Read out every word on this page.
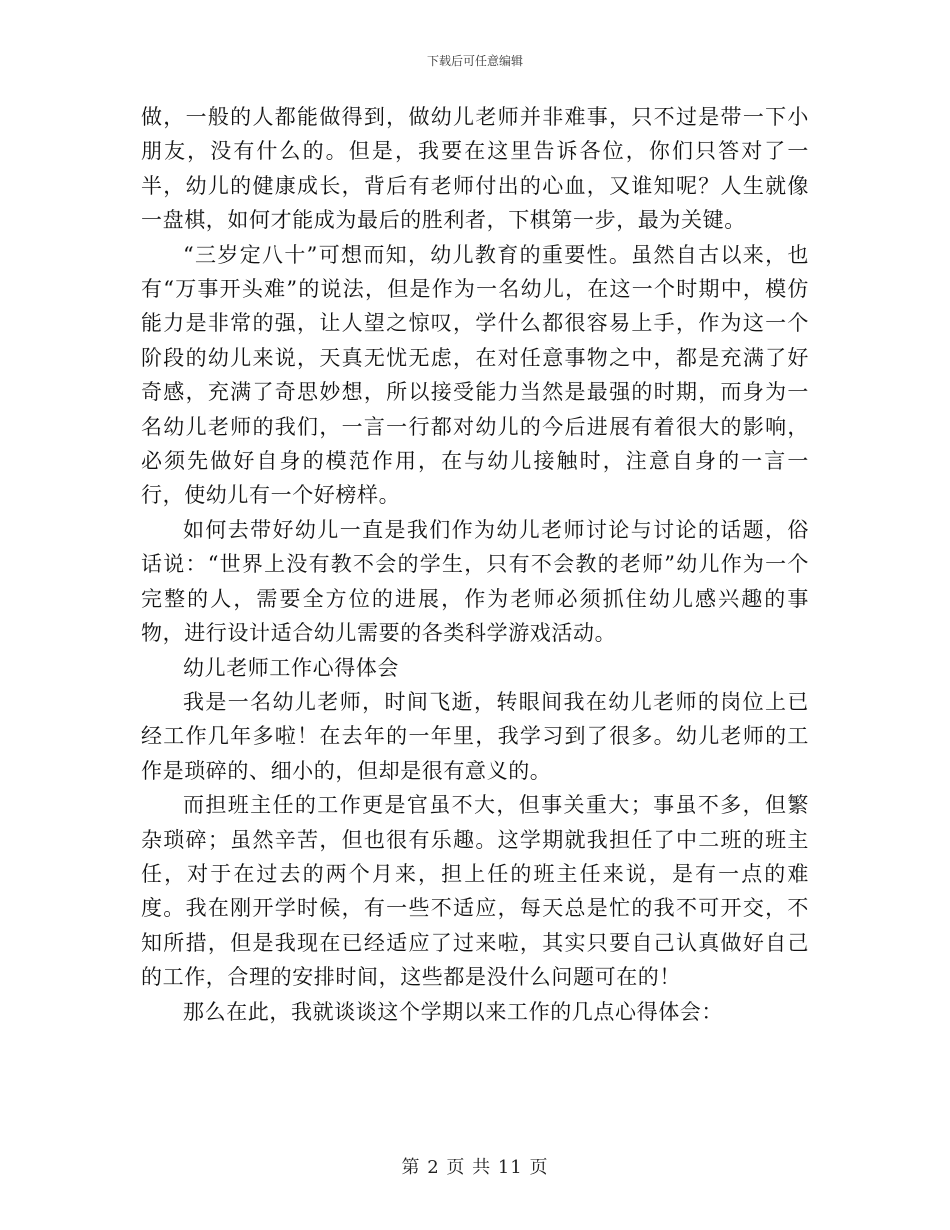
下载后可任意编辑

做，一般的人都能做得到，做幼儿老师并非难事，只不过是带一下小朋友，没有什么的。但是，我要在这里告诉各位，你们只答对了一半，幼儿的健康成长，背后有老师付出的心血，又谁知呢？人生就像一盘棋，如何才能成为最后的胜利者，下棋第一步，最为关键。

“三岁定八十”可想而知，幼儿教育的重要性。虽然自古以来，也有“万事开头难”的说法，但是作为一名幼儿，在这一个时期中，模仿能力是非常的强，让人望之惊叹，学什么都很容易上手，作为这一个阶段的幼儿来说，天真无忧无虑，在对任意事物之中，都是充满了好奇感，充满了奇思妙想，所以接受能力当然是最强的时期，而身为一名幼儿老师的我们，一言一行都对幼儿的今后进展有着很大的影响，必须先做好自身的模范作用，在与幼儿接触时，注意自身的一言一行，使幼儿有一个好榜样。

如何去带好幼儿一直是我们作为幼儿老师讨论与讨论的话题，俗话说：“世界上没有教不会的学生，只有不会教的老师”幼儿作为一个完整的人，需要全方位的进展，作为老师必须抓住幼儿感兴趣的事物，进行设计适合幼儿需要的各类科学游戏活动。

幼儿老师工作心得体会

我是一名幼儿老师，时间飞逝，转眼间我在幼儿老师的岗位上已经工作几年多啦！在去年的一年里，我学习到了很多。幼儿老师的工作是琐碎的、细小的，但却是很有意义的。

而担班主任的工作更是官虽不大，但事关重大；事虽不多，但繁杂琐碎；虽然辛苦，但也很有乐趣。这学期就我担任了中二班的班主任，对于在过去的两个月来，担上任的班主任来说，是有一点的难度。我在刚开学时候，有一些不适应，每天总是忙的我不可开交，不知所措，但是我现在已经适应了过来啦，其实只要自己认真做好自己的工作，合理的安排时间，这些都是没什么问题可在的！

那么在此，我就谈谈这个学期以来工作的几点心得体会：

第 2 页 共 11 页
